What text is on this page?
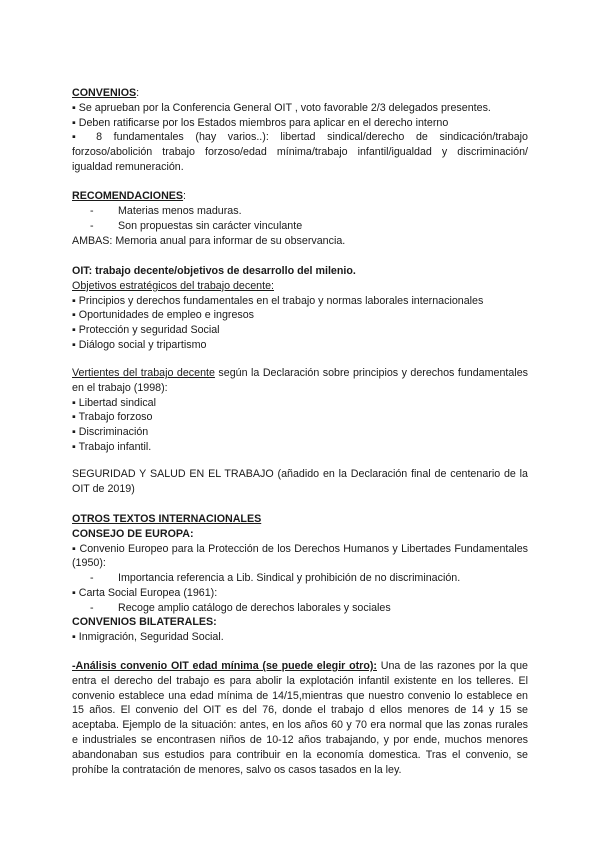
CONVENIOS:
▪ Se aprueban por la Conferencia General OIT , voto favorable 2/3 delegados presentes.
▪ Deben ratificarse por los Estados miembros para aplicar en el derecho interno
▪ 8 fundamentales (hay varios..): libertad sindical/derecho de sindicación/trabajo forzoso/abolición trabajo forzoso/edad mínima/trabajo infantil/igualdad y discriminación/ igualdad remuneración.
RECOMENDACIONES:
- Materias menos maduras.
- Son propuestas sin carácter vinculante
AMBAS: Memoria anual para informar de su observancia.
OIT: trabajo decente/objetivos de desarrollo del milenio.
Objetivos estratégicos del trabajo decente:
▪ Principios y derechos fundamentales en el trabajo y normas laborales internacionales
▪ Oportunidades de empleo e ingresos
▪ Protección y seguridad Social
▪ Diálogo social y tripartismo
Vertientes del trabajo decente según la Declaración sobre principios y derechos fundamentales en el trabajo (1998):
▪ Libertad sindical
▪ Trabajo forzoso
▪ Discriminación
▪ Trabajo infantil.
SEGURIDAD Y SALUD EN EL TRABAJO (añadido en la Declaración final de centenario de la OIT de 2019)
OTROS TEXTOS INTERNACIONALES
CONSEJO DE EUROPA:
▪ Convenio Europeo para la Protección de los Derechos Humanos y Libertades Fundamentales (1950):
- Importancia referencia a Lib. Sindical y prohibición de no discriminación.
▪ Carta Social Europea (1961):
- Recoge amplio catálogo de derechos laborales y sociales
CONVENIOS BILATERALES:
▪ Inmigración, Seguridad Social.
-Análisis convenio OIT edad mínima (se puede elegir otro): Una de las razones por la que entra el derecho del trabajo es para abolir la explotación infantil existente en los telleres. El convenio establece una edad mínima de 14/15,mientras que nuestro convenio lo establece en 15 años. El convenio del OIT es del 76, donde el trabajo d ellos menores de 14 y 15 se aceptaba. Ejemplo de la situación: antes, en los años 60 y 70 era normal que las zonas rurales e industriales se encontrasen niños de 10-12 años trabajando, y por ende, muchos menores abandonaban sus estudios para contribuir en la economía domestica. Tras el convenio, se prohíbe la contratación de menores, salvo os casos tasados en la ley.
